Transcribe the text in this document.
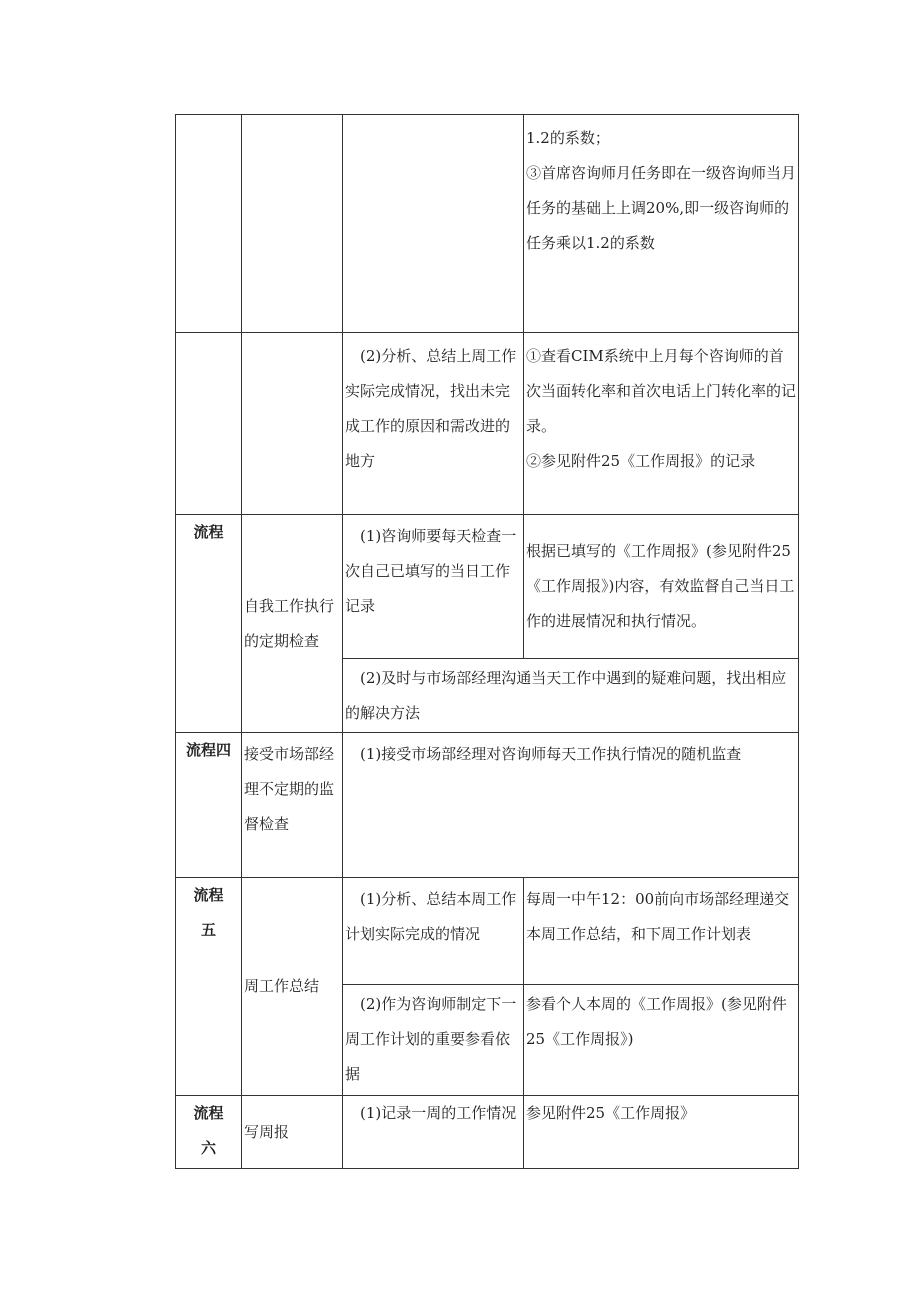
			1.2的系数；
③首席咨询师月任务即在一级咨询师当月任务的基础上上调20%,即一级咨询师的任务乘以1.2的系数

		(2)分析、总结上周工作实际完成情况，找出未完成工作的原因和需改进的地方	①查看CIM系统中上月每个咨询师的首次当面转化率和首次电话上门转化率的记录。
②参见附件25《工作周报》的记录

流程	自我工作执行的定期检查	(1)咨询师要每天检查一次自己已填写的当日工作记录	根据已填写的《工作周报》(参见附件25《工作周报》)内容，有效监督自己当日工作的进展情况和执行情况。

		(2)及时与市场部经理沟通当天工作中遇到的疑难问题，找出相应的解决方法	

流程四	接受市场部经理不定期的监督检查	(1)接受市场部经理对咨询师每天工作执行情况的随机监查	

流程
五	周工作总结	(1)分析、总结本周工作计划实际完成的情况	每周一中午12：00前向市场部经理递交本周工作总结，和下周工作计划表

		(2)作为咨询师制定下一周工作计划的重要参看依据	参看个人本周的《工作周报》(参见附件25《工作周报》)

流程
六	写周报	(1)记录一周的工作情况	参见附件25《工作周报》
